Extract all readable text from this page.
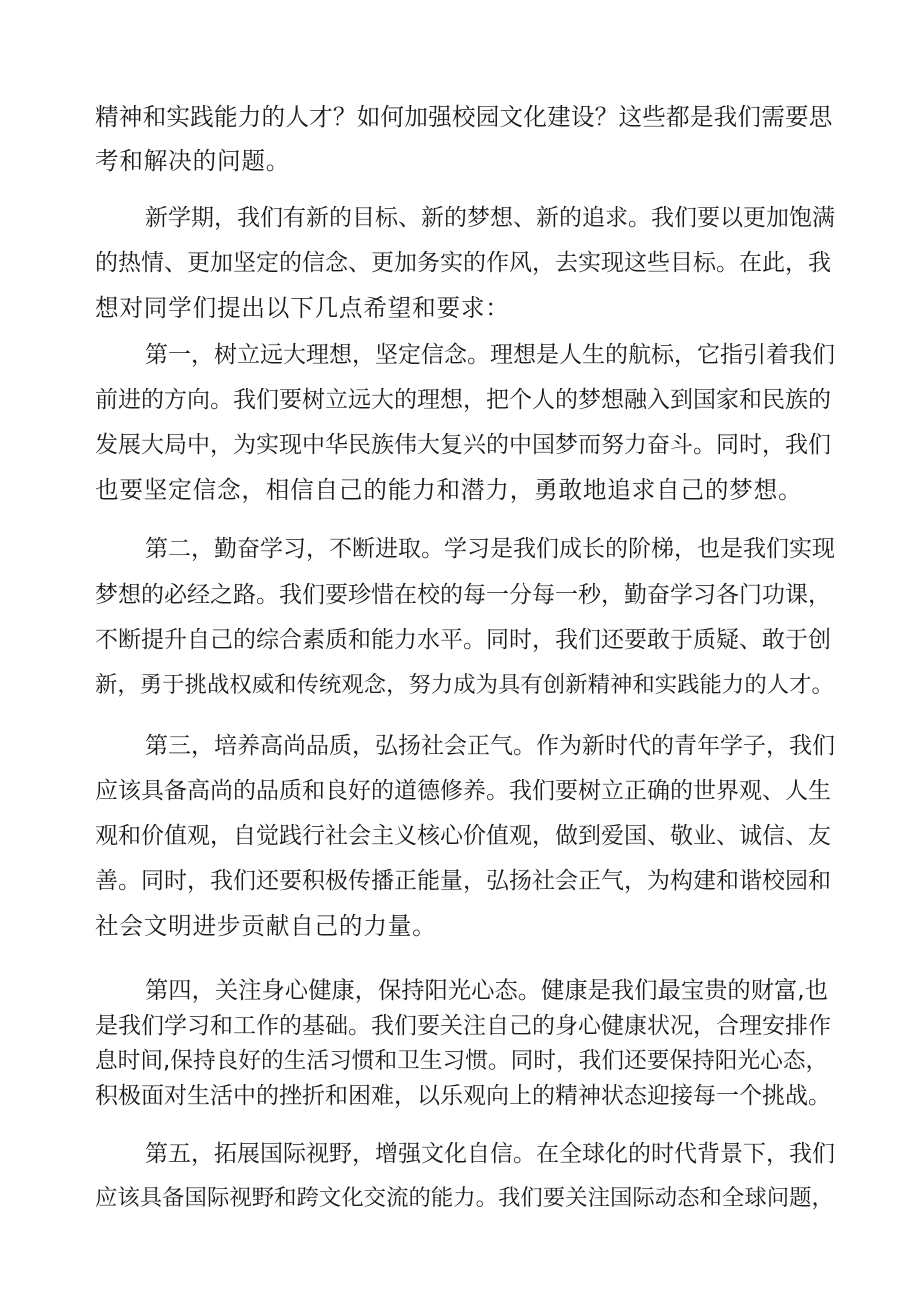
精神和实践能力的人才？如何加强校园文化建设？这些都是我们需要思
考和解决的问题。
新学期，我们有新的目标、新的梦想、新的追求。我们要以更加饱满
的热情、更加坚定的信念、更加务实的作风，去实现这些目标。在此，我
想对同学们提出以下几点希望和要求：
第一，树立远大理想，坚定信念。理想是人生的航标，它指引着我们
前进的方向。我们要树立远大的理想，把个人的梦想融入到国家和民族的
发展大局中，为实现中华民族伟大复兴的中国梦而努力奋斗。同时，我们
也要坚定信念，相信自己的能力和潜力，勇敢地追求自己的梦想。
第二，勤奋学习，不断进取。学习是我们成长的阶梯，也是我们实现
梦想的必经之路。我们要珍惜在校的每一分每一秒，勤奋学习各门功课，
不断提升自己的综合素质和能力水平。同时，我们还要敢于质疑、敢于创
新，勇于挑战权威和传统观念，努力成为具有创新精神和实践能力的人才。
第三，培养高尚品质，弘扬社会正气。作为新时代的青年学子，我们
应该具备高尚的品质和良好的道德修养。我们要树立正确的世界观、人生
观和价值观，自觉践行社会主义核心价值观，做到爱国、敬业、诚信、友
善。同时，我们还要积极传播正能量，弘扬社会正气，为构建和谐校园和
社会文明进步贡献自己的力量。
第四，关注身心健康，保持阳光心态。健康是我们最宝贵的财富,也
是我们学习和工作的基础。我们要关注自己的身心健康状况，合理安排作
息时间,保持良好的生活习惯和卫生习惯。同时，我们还要保持阳光心态，
积极面对生活中的挫折和困难，以乐观向上的精神状态迎接每一个挑战。
第五，拓展国际视野，增强文化自信。在全球化的时代背景下，我们
应该具备国际视野和跨文化交流的能力。我们要关注国际动态和全球问题，
